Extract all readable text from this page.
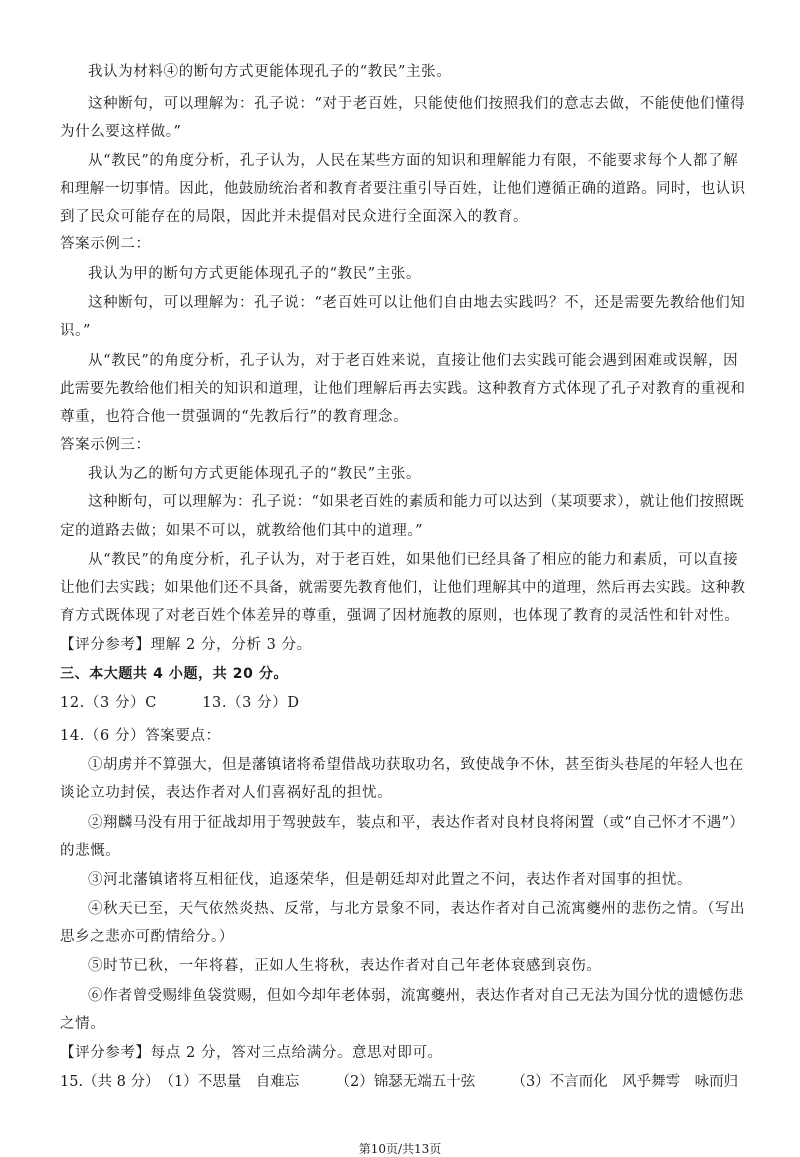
我认为材料④的断句方式更能体现孔子的“教民”主张。
这种断句，可以理解为：孔子说：“对于老百姓，只能使他们按照我们的意志去做，不能使他们懂得
为什么要这样做。”
从“教民”的角度分析，孔子认为，人民在某些方面的知识和理解能力有限，不能要求每个人都了解
和理解一切事情。因此，他鼓励统治者和教育者要注重引导百姓，让他们遵循正确的道路。同时，也认识
到了民众可能存在的局限，因此并未提倡对民众进行全面深入的教育。
答案示例二：
我认为甲的断句方式更能体现孔子的“教民”主张。
这种断句，可以理解为：孔子说：“老百姓可以让他们自由地去实践吗？不，还是需要先教给他们知
识。”
从“教民”的角度分析，孔子认为，对于老百姓来说，直接让他们去实践可能会遇到困难或误解，因
此需要先教给他们相关的知识和道理，让他们理解后再去实践。这种教育方式体现了孔子对教育的重视和
尊重，也符合他一贯强调的“先教后行”的教育理念。
答案示例三：
我认为乙的断句方式更能体现孔子的“教民”主张。
这种断句，可以理解为：孔子说：“如果老百姓的素质和能力可以达到（某项要求），就让他们按照既
定的道路去做；如果不可以，就教给他们其中的道理。”
从“教民”的角度分析，孔子认为，对于老百姓，如果他们已经具备了相应的能力和素质，可以直接
让他们去实践；如果他们还不具备，就需要先教育他们，让他们理解其中的道理，然后再去实践。这种教
育方式既体现了对老百姓个体差异的尊重，强调了因材施教的原则，也体现了教育的灵活性和针对性。
【评分参考】理解 2 分，分析 3 分。
三、本大题共 4 小题，共 20 分。
12.（3 分）C　　　13.（3 分）D
14.（6 分）答案要点：
①胡虏并不算强大，但是藩镇诸将希望借战功获取功名，致使战争不休，甚至街头巷尾的年轻人也在
谈论立功封侯，表达作者对人们喜祸好乱的担忧。
②翔麟马没有用于征战却用于驾驶鼓车，装点和平，表达作者对良材良将闲置（或“自己怀才不遇”）
的悲慨。
③河北藩镇诸将互相征伐，追逐荣华，但是朝廷却对此置之不问，表达作者对国事的担忧。
④秋天已至，天气依然炎热、反常，与北方景象不同，表达作者对自己流寓夔州的悲伤之情。（写出
思乡之悲亦可酌情给分。）
⑤时节已秋，一年将暮，正如人生将秋，表达作者对自己年老体衰感到哀伤。
⑥作者曾受赐绯鱼袋赏赐，但如今却年老体弱，流寓夔州，表达作者对自己无法为国分忧的遗憾伤悲
之情。
【评分参考】每点 2 分，答对三点给满分。意思对即可。
15.（共 8 分）　（1）不思量　自难忘　　　（2）锦瑟无端五十弦　　　（3）不言而化　风乎舞雩　咏而归
第10页/共13页
